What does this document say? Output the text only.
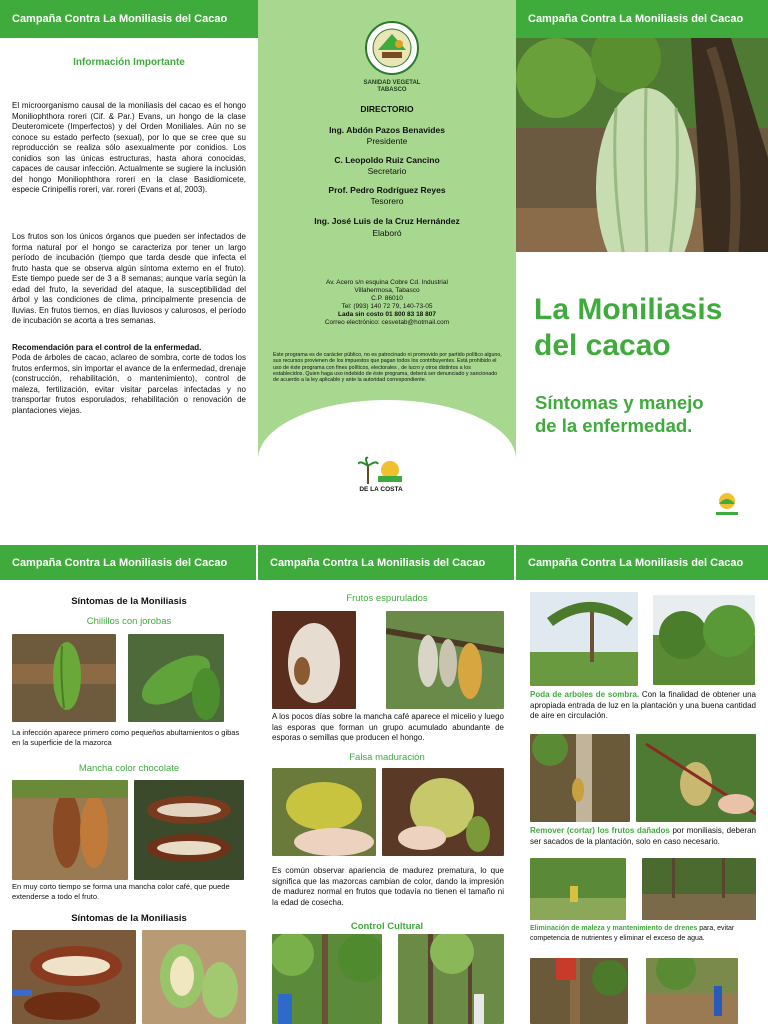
Campaña Contra La Moniliasis del Cacao
Información Importante
El microorganismo causal de la moniliasis del cacao es el hongo Moniliophthora roreri (Cif. & Par.) Evans, un hongo de la clase Deuteromicete (Imperfectos) y del Orden Moniliales. Aún no se conoce su estado perfecto (sexual), por lo que se cree que su reproducción se realiza sólo asexualmente por conidios. Los conidios son las únicas estructuras, hasta ahora conocidas, capaces de causar infección. Actualmente se sugiere la inclusión del hongo Moniliophthora roreri en la clase Basidiomicete, especie Crinipellis roreri, var. roreri (Evans et al, 2003).
Los frutos son los únicos órganos que pueden ser infectados de forma natural por el hongo se caracteriza por tener un largo período de incubación (tiempo que tarda desde que infecta el fruto hasta que se observa algún síntoma externo en el fruto). Este tiempo puede ser de 3 a 8 semanas; aunque varía según la edad del fruto, la severidad del ataque, la susceptibilidad del árbol y las condiciones de clima, principalmente presencia de lluvias. En frutos tiernos, en días lluviosos y calurosos, el período de incubación se acorta a tres semanas.
Recomendación para el control de la enfermedad.
Poda de árboles de cacao, aclareo de sombra, corte de todos los frutos enfermos, sin importar el avance de la enfermedad, drenaje (construcción, rehabilitación, o mantenimiento), control de maleza, fertilización, evitar visitar parcelas infectadas y no transportar frutos esporulados, rehabilitación o renovación de plantaciones viejas.
SANIDAD VEGETAL TABASCO
DIRECTORIO
Ing. Abdón Pazos Benavides
Presidente
C. Leopoldo Ruiz Cancino
Secretario
Prof. Pedro Rodríguez Reyes
Tesorero
Ing. José Luis de la Cruz Hernández
Elaboró
Av. Acero s/n esquina Cobre Cd. Industrial
Villahermosa, Tabasco
C.P. 86010
Tel: (993) 140 72 79, 140-73-05
Lada sin costo 01 800 83 18 807
Correo electrónico: cesvetab@hotmail.com
Este programa es de carácter público, no es patrocinado ni promovido por partido político alguno, sus recursos provienen de los impuestos que pagan todos los contribuyentes. Está prohibido el uso de éste programa con fines políticos, electorales , de lucro y otros distintos a los establecidos. Quien haga uso indebido de éste programa, deberá ser denunciado y sancionado de acuerdo a la ley aplicable y ante la autoridad correspondiente.
DE LA COSTA
Campaña Contra La Moniliasis del Cacao
La Moniliasis
del cacao
Síntomas y manejo
de la enfermedad.
Comité Estatal de Sanidad Vegetal de Tabasco
Campaña Contra La Moniliasis del Cacao	Campaña Contra La Moniliasis del Cacao	Campaña Contra La Moniliasis del Cacao
Síntomas de la Moniliasis
Chilillos con jorobas
La infección aparece primero como pequeños abultamientos o gibas en la superficie de la mazorca
Mancha color chocolate
En muy corto tiempo se forma una mancha color café, que puede extenderse a todo el fruto.
Síntomas de la Moniliasis
Frutos espurulados
A los pocos días sobre la mancha café aparece el micelio y luego las esporas que forman un grupo acumulado abundante de esporas o semillas que producen el hongo.
Falsa maduración
Es común observar apariencia de madurez prematura, lo que significa que las mazorcas cambian de color, dando la impresión de madurez normal en frutos que todavía no tienen el tamaño ni la edad de cosecha.
Control Cultural
Poda de arboles de sombra. Con la finalidad de obtener una apropiada entrada de luz en la plantación y una buena cantidad de aire en circulación.
Remover (cortar) los frutos dañados por moniliasis, deberan ser sacados de la plantación, solo en caso necesario.
Eliminación de maleza y mantenimiento de drenes para, evitar competencia de nutrientes y eliminar el exceso de agua.
